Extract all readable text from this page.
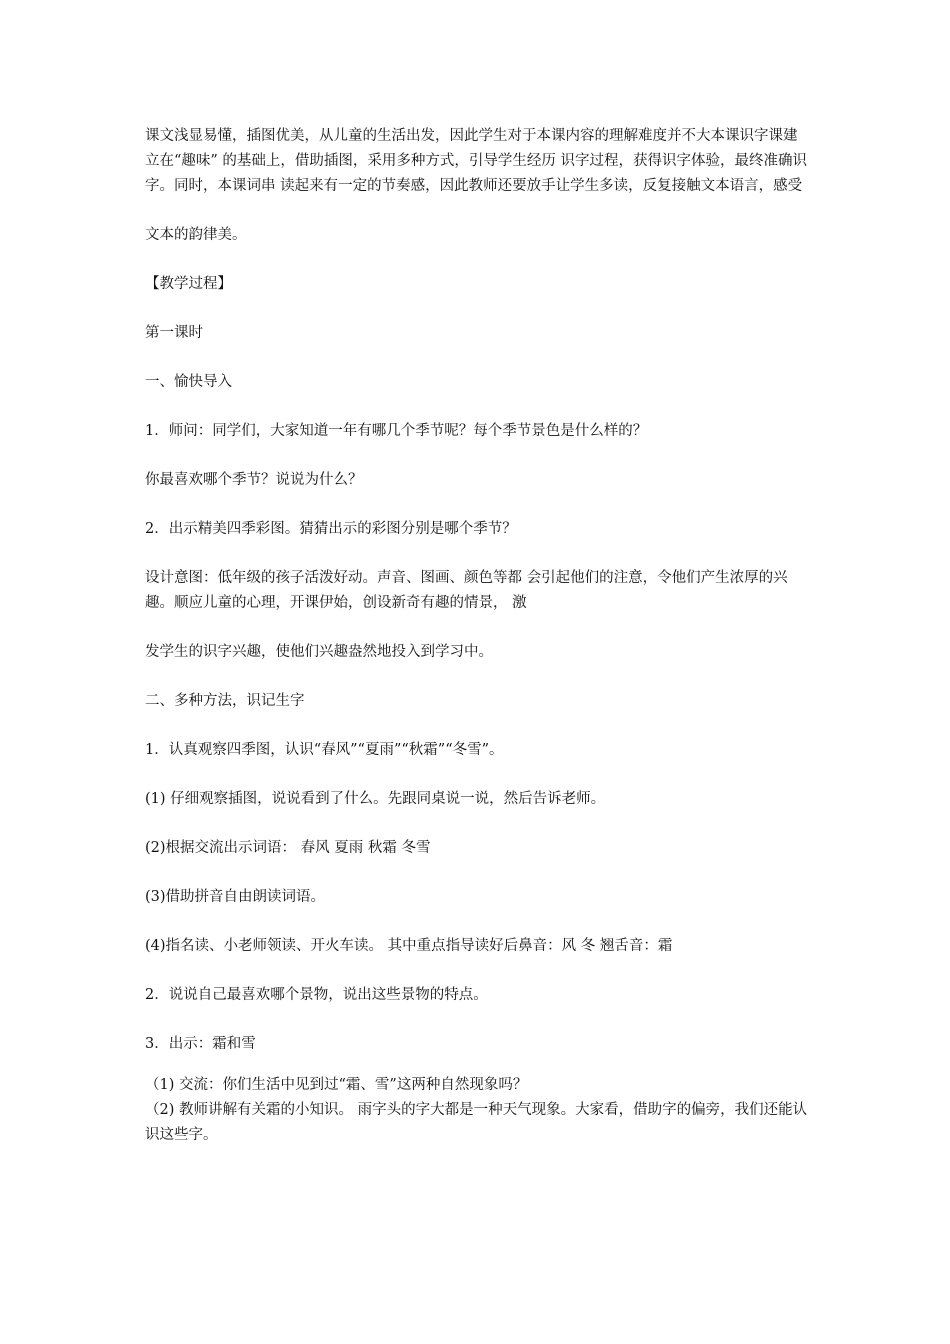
课文浅显易懂，插图优美，从儿童的生活出发，因此学生对于本课内容的理解难度并不大本课识字课建立在“趣味” 的基础上，借助插图，采用多种方式，引导学生经历 识字过程，获得识字体验，最终准确识字。同时，本课词串 读起来有一定的节奏感，因此教师还要放手让学生多读，反复接触文本语言，感受

文本的韵律美。

【教学过程】

第一课时

一、愉快导入

1．师问：同学们，大家知道一年有哪几个季节呢？每个季节景色是什么样的？

你最喜欢哪个季节？说说为什么？

2．出示精美四季彩图。猜猜出示的彩图分别是哪个季节？

设计意图：低年级的孩子活泼好动。声音、图画、颜色等都 会引起他们的注意，令他们产生浓厚的兴趣。顺应儿童的心理，开课伊始，创设新奇有趣的情景， 激

发学生的识字兴趣，使他们兴趣盎然地投入到学习中。

二、多种方法，识记生字

1．认真观察四季图，认识“春风”“夏雨”“秋霜”“冬雪”。

(1) 仔细观察插图，说说看到了什么。先跟同桌说一说，然后告诉老师。

(2)根据交流出示词语： 春风 夏雨 秋霜 冬雪

(3)借助拼音自由朗读词语。

(4)指名读、小老师领读、开火车读。 其中重点指导读好后鼻音：风 冬 翘舌音：霜

2．说说自己最喜欢哪个景物，说出这些景物的特点。

3．出示：霜和雪

（1) 交流：你们生活中见到过“霜、雪”这两种自然现象吗？

（2) 教师讲解有关霜的小知识。 雨字头的字大都是一种天气现象。大家看，借助字的偏旁，我们还能认识这些字。
